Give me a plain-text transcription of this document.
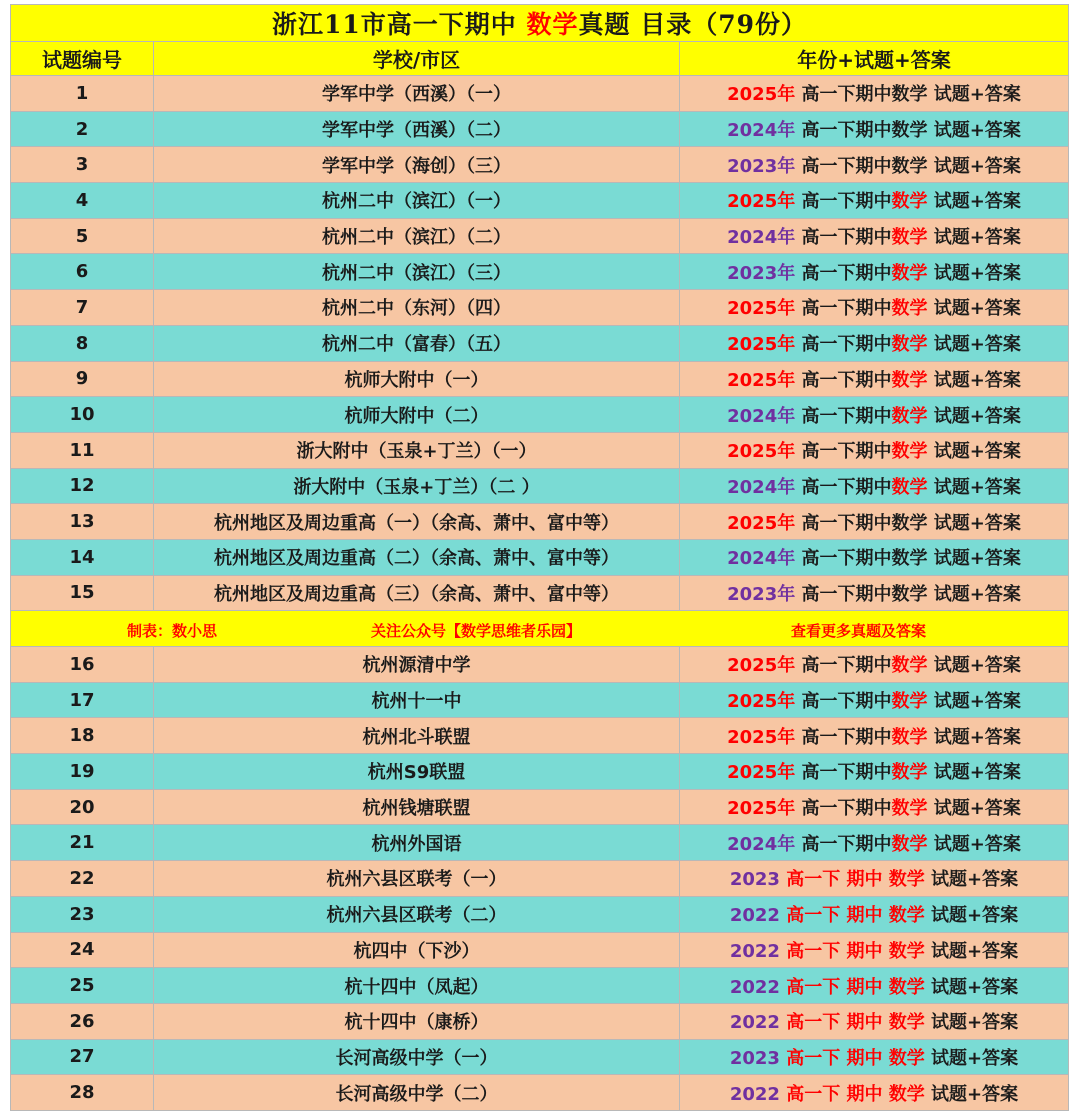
浙江11市高一下期中 数学真题 目录（79份）		
试题编号	学校/市区	年份+试题+答案
1	学军中学（西溪）（一）	2025年 高一下期中数学 试题+答案
2	学军中学（西溪）（二）	2024年 高一下期中数学 试题+答案
3	学军中学（海创）（三）	2023年 高一下期中数学 试题+答案
4	杭州二中（滨江）（一）	2025年 高一下期中数学 试题+答案
5	杭州二中（滨江）（二）	2024年 高一下期中数学 试题+答案
6	杭州二中（滨江）（三）	2023年 高一下期中数学 试题+答案
7	杭州二中（东河）（四）	2025年 高一下期中数学 试题+答案
8	杭州二中（富春）（五）	2025年 高一下期中数学 试题+答案
9	杭师大附中（一）	2025年 高一下期中数学 试题+答案
10	杭师大附中（二）	2024年 高一下期中数学 试题+答案
11	浙大附中（玉泉+丁兰）（一）	2025年 高一下期中数学 试题+答案
12	浙大附中（玉泉+丁兰）（二 ）	2024年 高一下期中数学 试题+答案
13	杭州地区及周边重高（一）（余高、萧中、富中等）	2025年 高一下期中数学 试题+答案
14	杭州地区及周边重高（二）（余高、萧中、富中等）	2024年 高一下期中数学 试题+答案
15	杭州地区及周边重高（三）（余高、萧中、富中等）	2023年 高一下期中数学 试题+答案

制表：数小思 关注公众号【数学思维者乐园】 查看更多真题及答案		

16	杭州源清中学	2025年 高一下期中数学 试题+答案
17	杭州十一中	2025年 高一下期中数学 试题+答案
18	杭州北斗联盟	2025年 高一下期中数学 试题+答案
19	杭州S9联盟	2025年 高一下期中数学 试题+答案
20	杭州钱塘联盟	2025年 高一下期中数学 试题+答案
21	杭州外国语	2024年 高一下期中数学 试题+答案
22	杭州六县区联考（一）	2023 高一下 期中 数学 试题+答案
23	杭州六县区联考（二）	2022 高一下 期中 数学 试题+答案
24	杭四中（下沙）	2022 高一下 期中 数学 试题+答案
25	杭十四中（凤起）	2022 高一下 期中 数学 试题+答案
26	杭十四中（康桥）	2022 高一下 期中 数学 试题+答案
27	长河高级中学（一）	2023 高一下 期中 数学 试题+答案
28	长河高级中学（二）	2022 高一下 期中 数学 试题+答案
